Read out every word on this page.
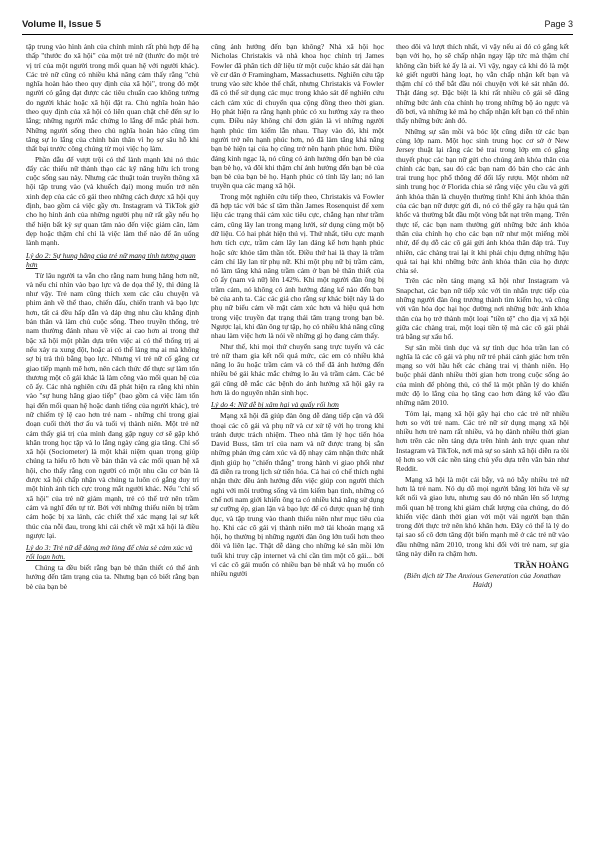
Volume II, Issue 5	Page 3

tập trung vào hình ảnh của chính mình rất phù hợp để hạ thấp "thước đo xã hội" của một trẻ nữ (thước đo một trẻ vị trí của một người trong mối quan hệ với người khác). Các trẻ nữ cũng có nhiều khả năng cảm thấy rằng "chủ nghĩa hoàn hảo theo quy định của xã hội", trong đó một người có gắng đạt được các tiêu chuẩn cao không tưởng do người khác hoặc xã hội đặt ra. Chủ nghĩa hoàn hảo theo quy định của xã hội có liên quan chặt chẽ đến sự lo lắng; những người mắc chứng lo lắng để mắc phải hơn. Những người sống theo chủ nghĩa hoàn hảo cũng tìm tăng sự lo lắng của chính bản thân vì họ sợ sâu hỗ khi thất bại trước công chúng từ mọi việc họ làm.

Phần dẫu để vượt trội có thể lành mạnh khi nó thúc đẩy các thiếu nữ thành thạo các kỹ năng hữu ích trong cuộc sống sau này. Nhưng các thuật toán truyền thông xã hội tập trung vào (và khuếch đại) mong muốn trở nên xinh đẹp của các cô gái theo những cách được xã hội quy định, bao gồm cả việc gầy ơn. Instagram và TikTok giờ cho họ hình ảnh của những người phụ nữ rất gầy nếu họ thể hiện bất kỳ sự quan tâm nào đến việc giảm cân, làm đẹp hoặc thậm chí chỉ là việc làm thế nào để ăn uống lành mạnh.

Lý do 2: Sự hung hăng của trẻ nữ mang tính tương quan hơn

Từ lâu người ta vẫn cho rằng nam hung hăng hơn nữ, và nếu chỉ nhìn vào bạo lực và đe dọa thể lý, thì đúng là như vậy. Trẻ nam cũng thích xem các câu chuyện và phim ảnh về thể thao, chiến đấu, chiến tranh và bạo lực hơn, tất cả đều hấp dẫn và đáp ứng nhu cầu khẳng định bản thân và làm chủ cuộc sống. Theo truyền thống, trẻ nam thường đánh nhau về việc ai cao hơn ai trong thứ bậc xã hội một phần dựa trên việc ai có thể thống trị ai nếu xảy ra xung đột, hoặc ai có thể làng mạ ai mà không sợ bị trả thù bằng bạo lực. Nhưng vì trẻ nữ cố gắng cư giao tiếp mạnh mẽ hơn, nên cách thức để thực sự làm tổn thương một cô gái khác là làm công vào mối quan hệ của cô ấy. Các nhà nghiên cứu đã phát hiện ra rằng khi nhìn vào "sự hung hăng giao tiếp" (bao gồm cả việc làm tổn hại đến mối quan hệ hoặc danh tiếng của người khác), trẻ nữ chiếm tỷ lệ cao hơn trẻ nam - những chỉ trong giai đoạn cuối thời thơ ấu và tuổi vị thành niên. Một trẻ nữ cảm thấy giá trị của mình đang gặp nguy cơ sẽ gặp khó khăn trong học tập và lo lắng ngày càng gia tăng. Chỉ số xã hội (Sociometer) là một khái niệm quan trọng giúp chúng ta hiểu rõ hơn về bản thân và các mối quan hệ xã hội, cho thấy rằng con người có một nhu cầu cơ bản là được xã hội chấp nhận và chúng ta luôn có gắng duy trì một hình ảnh tích cực trong mắt người khác. Nếu "chỉ số xã hội" của trẻ nữ giảm mạnh, trẻ có thể trở nên trầm cảm và nghĩ đến tự tử. Bởi với những thiếu niên bị trầm cảm hoặc bị xa lánh, các chiết thế xác mạng lại sự kết thúc của nỗi đau, trong khi cái chết về mặt xã hội là điều ngược lại.

Lý do 3: Trẻ nữ dễ dàng mở lòng để chia sẻ cảm xúc và rối loạn hơn.

Chúng ta đều biết rằng bạn bè thân thiết có thể ảnh hưởng đến tâm trạng của ta. Nhưng bạn có biết rằng bạn bè của bạn bè

cũng ảnh hưởng đến bạn không? Nhà xã hội học Nicholas Christakis và nhà khoa học chính trị James Fowler đã phân tích dữ liệu từ một cuộc khảo sát dài hạn về cư dân ở Framingham, Massachusetts. Nghiên cứu tập trung vào sức khỏe thể chất, nhưng Christakis và Fowler đã có thể sử dụng các mục trong khảo sát để nghiên cứu cách cảm xúc di chuyển qua cộng đồng theo thời gian. Họ phát hiện ra rằng hạnh phúc có xu hướng xảy ra theo cụm. Điều này không chỉ đơn giản là vì những người hạnh phúc tìm kiếm lẫn nhau. Thay vào đó, khi một người trở nên hạnh phúc hơn, nó đã làm tăng khả năng bạn bè hiện tại của họ cũng trở nên hạnh phúc hơn. Điều đáng kinh ngạc là, nó cũng có ảnh hưởng đến bạn bè của bạn bè họ, và đôi khi thậm chí ảnh hưởng đến bạn bè của bạn bè của bạn bè họ. Hạnh phúc có tính lây lan; nó lan truyền qua các mạng xã hội.

Trong một nghiên cứu tiếp theo, Christakis và Fowler đã hợp tác với bác sĩ tâm thần James Rosenquist để xem liệu các trạng thái cảm xúc tiêu cực, chẳng hạn như trầm cảm, cũng lây lan trong mạng lưới, sử dụng cùng một bộ dữ liệu. Có hai phát hiện thú vị. Thứ nhất, tiêu cực mạnh hơn tích cực, trầm cảm lây lan đáng kể hơn hạnh phúc hoặc sức khỏe tâm thần tốt. Điều thứ hai là thay là trầm cảm chỉ lây lan từ phụ nữ. Khi một phụ nữ bị trầm cảm, nó làm tăng khả năng trầm cảm ở bạn bè thân thiết của cô ấy (nam và nữ) lên 142%. Khi một người đàn ông bị trầm cảm, nó không có ảnh hưởng đáng kể nào đến bạn bè của anh ta. Các các giả cho rằng sự khác biệt này là do phụ nữ biểu cảm về mặt cảm xúc hơn và hiệu quả hơn trong việc truyền đạt trạng thái tâm trạng trong bạn bè. Ngược lại, khi đàn ông tự tập, họ có nhiều khả năng cũng nhau làm việc hơn là nói về những gì họ đang cảm thấy.

Như thế, khi mọi thứ chuyển sang trực tuyến và các trẻ nữ tham gia kết nối quá mức, các em có nhiều khả năng lo âu hoặc trầm cảm và có thể đã ảnh hưởng đến nhiều bé gái khác mắc chứng lo âu và trầm cảm. Các bé gái cũng dễ mắc các bệnh do ảnh hưởng xã hội gây ra hơn là do nguyên nhân sinh học.

Lý do 4: Nữ dễ bị xâm hại và quấy rối hơn

Mạng xã hội đã giúp đàn ông dễ dàng tiếp cận và đối thoại các cô gái và phụ nữ và cư xử tệ với họ trong khi tránh được trách nhiệm. Theo nhà tâm lý học tiến hóa David Buss, tâm trí của nam và nữ được trang bị sẵn những phản ứng cảm xúc và độ nhạy cảm nhận thức nhất định giúp họ "chiến thắng" trong hành vi giao phối như đã diễn ra trong lịch sử tiến hóa. Cả hai có chế thích nghi nhận thức đều ảnh hưởng đến việc giúp con người thích nghi với môi trường sống và tìm kiếm bạn tình, những có chế nơi nam giới khiến ông ta có nhiều khả năng sử dụng sự cưỡng ép, gian lận và bạo lực để có được quan hệ tình dục, và tập trung vào thanh thiếu niên như mục tiêu của họ. Khi các cô gái vị thành niên mở tài khoản mạng xã hội, họ thường bị những người đàn ông lớn tuổi hơn theo dõi và liên lạc. Thật dễ dàng cho những kẻ săn mồi lớn tuổi khi truy cập internet và chỉ cần tìm một cô gái... bởi vì các cô gái muốn có nhiều bạn bè nhất và họ muốn có nhiều người

theo dõi và lượt thích nhất, vì vậy nếu ai đó có gắng kết bạn với họ, họ sẽ chấp nhận ngay lập tức mà thậm chí không cần biết kẻ ấy là ai. Vì vậy, ngay cả khi đó là một kẻ giết người hàng loạt, họ vẫn chấp nhận kết bạn và thậm chí có thể bắt đầu nói chuyện với kẻ sát nhân đó. Thật đáng sợ. Đặc biệt là khi rất nhiều cô gái sẽ đăng những bức ảnh của chính họ trong những bộ áo ngực và đồ bơi, và những kẻ mà họ chấp nhận kết bạn có thể nhìn thấy những bức ảnh đó.

Những sự săn mồi và bóc lột cũng diễn từ các bạn cùng lớp nam. Một học sinh trung học cơ sở ở New Jersey thuật lại rằng các bé trai trong lớp em có gắng thuyết phục các bạn nữ gửi cho chúng ảnh khỏa thân của chính các bạn, sau đó các bạn nam đó bán cho các ảnh trai trung học phổ thông để đổi lấy rượu. Một nhóm nữ sinh trung học ở Florida chia sẻ rằng việc yêu cầu và gửi ảnh khỏa thân là chuyện thường tình! Khi ảnh khỏa thân của các bạn nữ được gửi đi, nó có thể gây ra hậu quả tàn khốc và thường bắt đầu một vòng bắt nạt trên mạng. Trên thực tế, các bạn nam thường gửi những bức ảnh khỏa thân của chính họ cho các bạn nữ như một miếng mồi nhử, để dụ dỗ các cô gái gửi ảnh khỏa thân đáp trả. Tuy nhiên, các chàng trai lại ít khi phải chịu đựng những hậu quả tai hại khi những bức ảnh khỏa thân của họ được chia sẻ.

Trên các nền tảng mạng xã hội như Instagram và Snapchat, các bạn nữ tiếp xúc với tin nhắn trực tiếp của những người đàn ông trưởng thành tìm kiếm họ, và cũng với văn hóa đọc hại học đường nơi những bức ảnh khỏa thân của họ trở thành một loại "tiền tệ" cho địa vị xã hội giữa các chàng trai, một loại tiền tệ mà các cô gái phải trả bằng sự xấu hổ.

Sự săn mồi tình dục và sự tình dục hóa trần lan có nghĩa là các cô gái và phụ nữ trẻ phải cảnh giác hơn trên mạng so với hầu hết các chàng trai vị thành niên. Họ buộc phải dành nhiều thời gian hơn trong cuộc sống ảo của mình để phòng thủ, có thể là một phần lý do khiến mức độ lo lắng của họ tăng cao hơn đáng kể vào đầu những năm 2010.

Tóm lại, mạng xã hội gây hại cho các trẻ nữ nhiều hơn so với trẻ nam. Các trẻ nữ sử dụng mạng xã hội nhiều hơn trẻ nam rất nhiều, và họ dành nhiều thời gian hơn trên các nền tảng dựa trên hình ảnh trực quan như Instagram và TikTok, nơi mà sự so sánh xã hội diễn ra tồi tệ hơn so với các nền tảng chủ yếu dựa trên văn bản như Reddit.

Mạng xã hội là một cái bẫy, và nó bẫy nhiều trẻ nữ hơn là trẻ nam. Nó dụ dỗ mọi người bằng lời hứa về sự kết nối và giao lưu, nhưng sau đó nó nhân lên số lượng mối quan hệ trong khi giảm chất lượng của chúng, do đó khiến việc dành thời gian với một vài người bạn thân trong đời thực trở nên khó khăn hơn. Đây có thể là lý do tại sao số cô đơn tăng đột biến mạnh mẽ ở các trẻ nữ vào đầu những năm 2010, trong khi đối với trẻ nam, sự gia tăng này diễn ra chậm hơn.

TRẦN HOÀNG
(Biên dịch từ The Anxious Generation của Jonathan Haidt)
